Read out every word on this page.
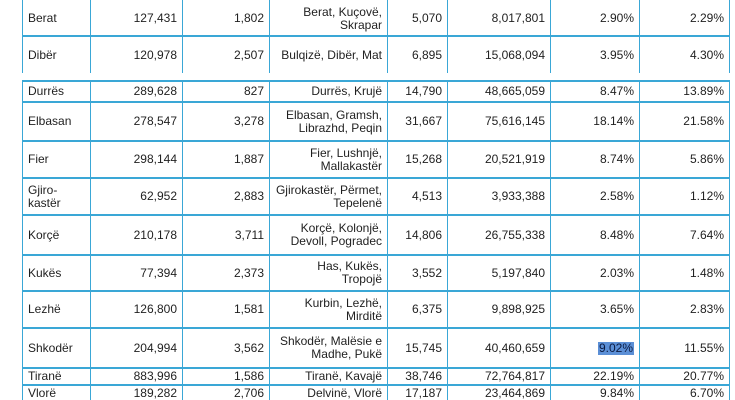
Berat	127,431	1,802	Berat, Kuçovë, Skrapar	5,070	8,017,801	2.90%	2.29%
Dibër	120,978	2,507	Bulqizë, Dibër, Mat	6,895	15,068,094	3.95%	4.30%
Durrës	289,628	827	Durrës, Krujë	14,790	48,665,059	8.47%	13.89%
Elbasan	278,547	3,278	Elbasan, Gramsh, Librazhd, Peqin	31,667	75,616,145	18.14%	21.58%
Fier	298,144	1,887	Fier, Lushnjë, Mallakastër	15,268	20,521,919	8.74%	5.86%
Gjiro-kastër	62,952	2,883 Gjirokastër, Përmet, Tepelenë	4,513	3,933,388	2.58%	1.12%
Korçë	210,178	3,711	Korçë, Kolonjë, Devoll, Pogradec	14,806	26,755,338	8.48%	7.64%
Kukës	77,394	2,373	Has, Kukës, Tropojë	3,552	5,197,840	2.03%	1.48%
Lezhë	126,800	1,581	Kurbin, Lezhë, Mirditë	6,375	9,898,925	3.65%	2.83%
Shkodër	204,994	3,562	Shkodër, Malësie e Madhe, Pukë	15,745	40,460,659	9.02%	11.55%
Tiranë	883,996	1,586	Tiranë, Kavajë	38,746	72,764,817	22.19%	20.77%
Vlorë	189,282	2,706	Delvinë, Vlorë	17,187	23,464,869	9.84%	6.70%
